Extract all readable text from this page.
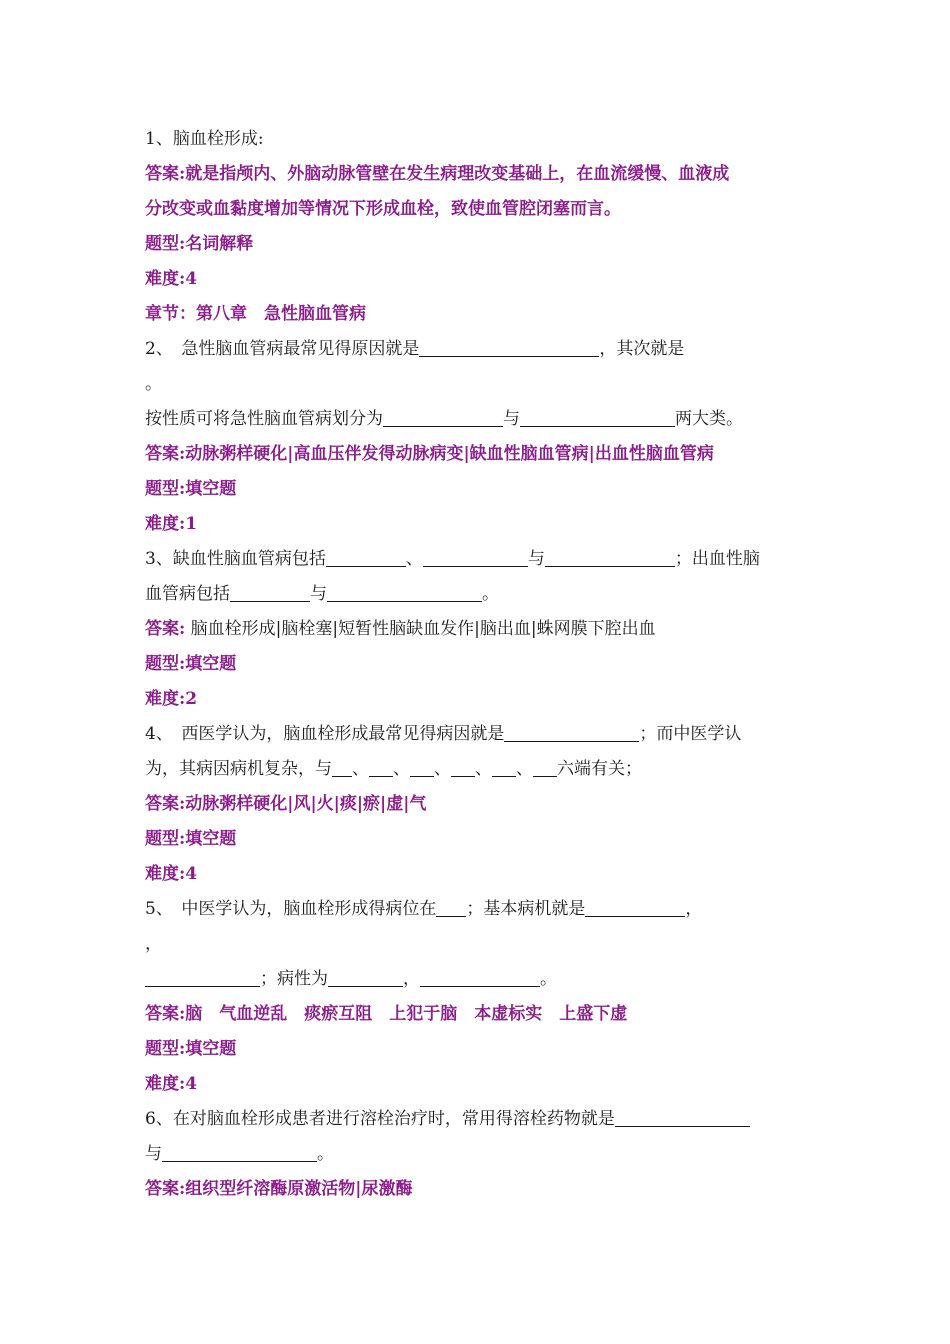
1、脑血栓形成:
答案:就是指颅内、外脑动脉管壁在发生病理改变基础上，在血流缓慢、血液成
分改变或血黏度增加等情况下形成血栓，致使血管腔闭塞而言。
题型:名词解释
难度:4
章节：第八章　急性脑血管病
2、　急性脑血管病最常见得原因就是	，其次就是
。
按性质可将急性脑血管病划分为	与	两大类。
答案:动脉粥样硬化|高血压伴发得动脉病变|缺血性脑血管病|出血性脑血管病
题型:填空题
难度:1
3、缺血性脑血管病包括	、	与	；出血性脑
血管病包括	与	。
答案: 脑血栓形成|脑栓塞|短暂性脑缺血发作|脑出血|蛛网膜下腔出血
题型:填空题
难度:2
4、　西医学认为，脑血栓形成最常见得病因就是	；而中医学认
为，其病因病机复杂，与 、 、 、 、 、 六端有关；
答案:动脉粥样硬化|风|火|痰|瘀|虚|气
题型:填空题
难度:4
5、　中医学认为，脑血栓形成得病位在 ；基本病机就是	，
，
；病性为	，	。
答案:脑　气血逆乱　痰瘀互阻　上犯于脑　本虚标实　上盛下虚
题型:填空题
难度:4
6、在对脑血栓形成患者进行溶栓治疗时，常用得溶栓药物就是
与	。
答案:组织型纤溶酶原激活物|尿激酶
